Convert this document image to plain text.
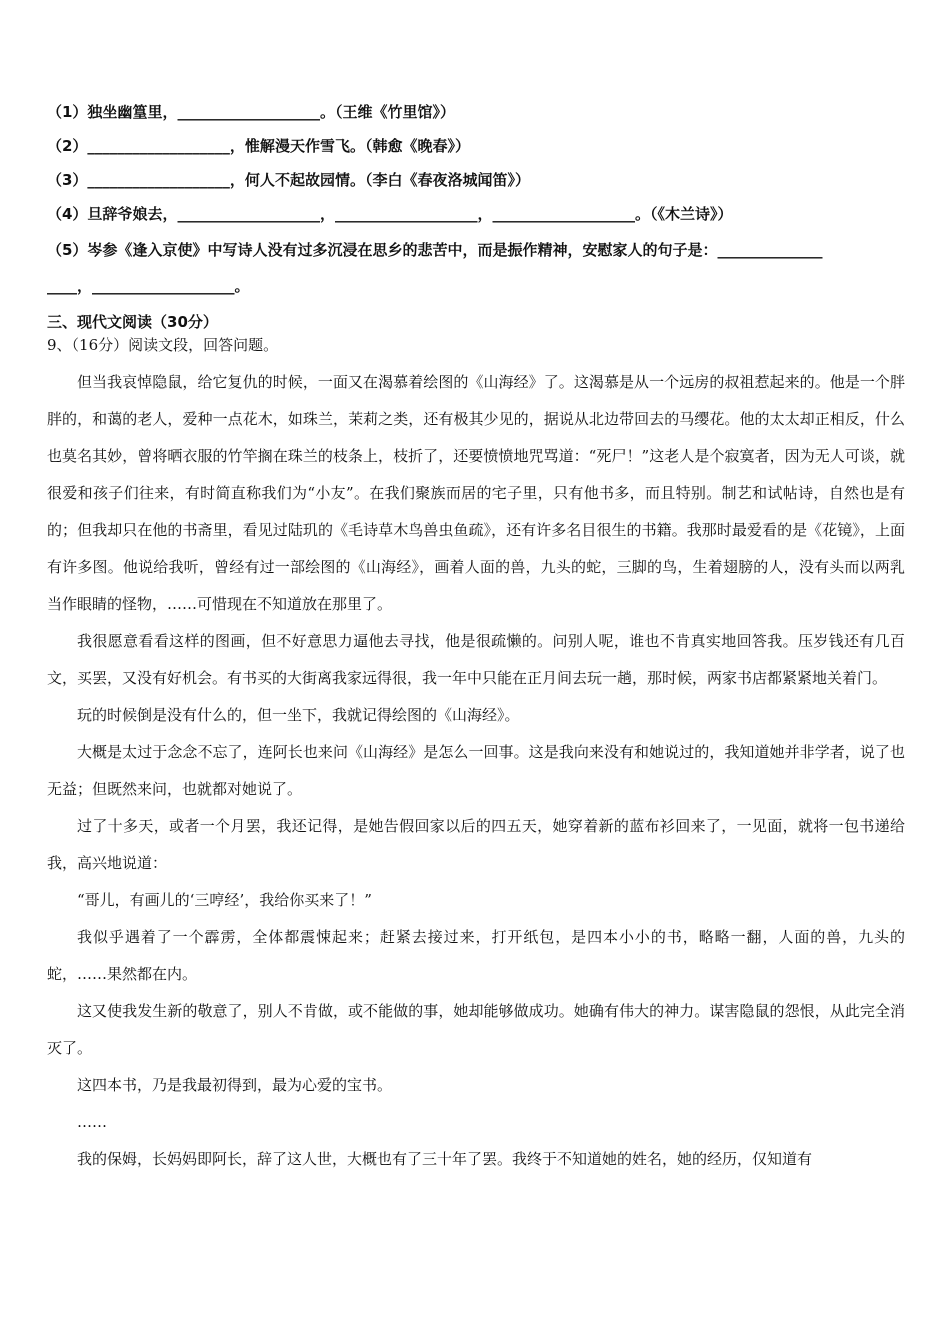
（1）独坐幽篁里，___________________。（王维《竹里馆》）
（2）___________________，惟解漫天作雪飞。（韩愈《晚春》）
（3）___________________，何人不起故园情。（李白《春夜洛城闻笛》）
（4）旦辞爷娘去，___________________，___________________，___________________。（《木兰诗》）
（5）岑参《逢入京使》中写诗人没有过多沉浸在思乡的悲苦中，而是振作精神，安慰家人的句子是：______________
____，___________________。
三、现代文阅读（30分）
9、（16分）阅读文段，回答问题。

但当我哀悼隐鼠，给它复仇的时候，一面又在渴慕着绘图的《山海经》了。这渴慕是从一个远房的叔祖惹起来的。他是一个胖胖的，和蔼的老人，爱种一点花木，如珠兰，茉莉之类，还有极其少见的，据说从北边带回去的马缨花。他的太太却正相反，什么也莫名其妙，曾将晒衣服的竹竿搁在珠兰的枝条上，枝折了，还要愤愤地咒骂道：“死尸！”这老人是个寂寞者，因为无人可谈，就很爱和孩子们往来，有时简直称我们为“小友”。在我们聚族而居的宅子里，只有他书多，而且特别。制艺和试帖诗，自然也是有的；但我却只在他的书斋里，看见过陆玑的《毛诗草木鸟兽虫鱼疏》，还有许多名目很生的书籍。我那时最爱看的是《花镜》，上面有许多图。他说给我听，曾经有过一部绘图的《山海经》，画着人面的兽，九头的蛇，三脚的鸟，生着翅膀的人，没有头而以两乳当作眼睛的怪物，……可惜现在不知道放在那里了。

我很愿意看看这样的图画，但不好意思力逼他去寻找，他是很疏懒的。问别人呢，谁也不肯真实地回答我。压岁钱还有几百文，买罢，又没有好机会。有书买的大街离我家远得很，我一年中只能在正月间去玩一趟，那时候，两家书店都紧紧地关着门。

玩的时候倒是没有什么的，但一坐下，我就记得绘图的《山海经》。

大概是太过于念念不忘了，连阿长也来问《山海经》是怎么一回事。这是我向来没有和她说过的，我知道她并非学者，说了也无益；但既然来问，也就都对她说了。

过了十多天，或者一个月罢，我还记得，是她告假回家以后的四五天，她穿着新的蓝布衫回来了，一见面，就将一包书递给我，高兴地说道：

“哥儿，有画儿的‘三哼经’，我给你买来了！”

我似乎遇着了一个霹雳，全体都震悚起来；赶紧去接过来，打开纸包，是四本小小的书，略略一翻，人面的兽，九头的蛇，……果然都在内。

这又使我发生新的敬意了，别人不肯做，或不能做的事，她却能够做成功。她确有伟大的神力。谋害隐鼠的怨恨，从此完全消灭了。

这四本书，乃是我最初得到，最为心爱的宝书。

……

我的保姆，长妈妈即阿长，辞了这人世，大概也有了三十年了罢。我终于不知道她的姓名，她的经历，仅知道有
